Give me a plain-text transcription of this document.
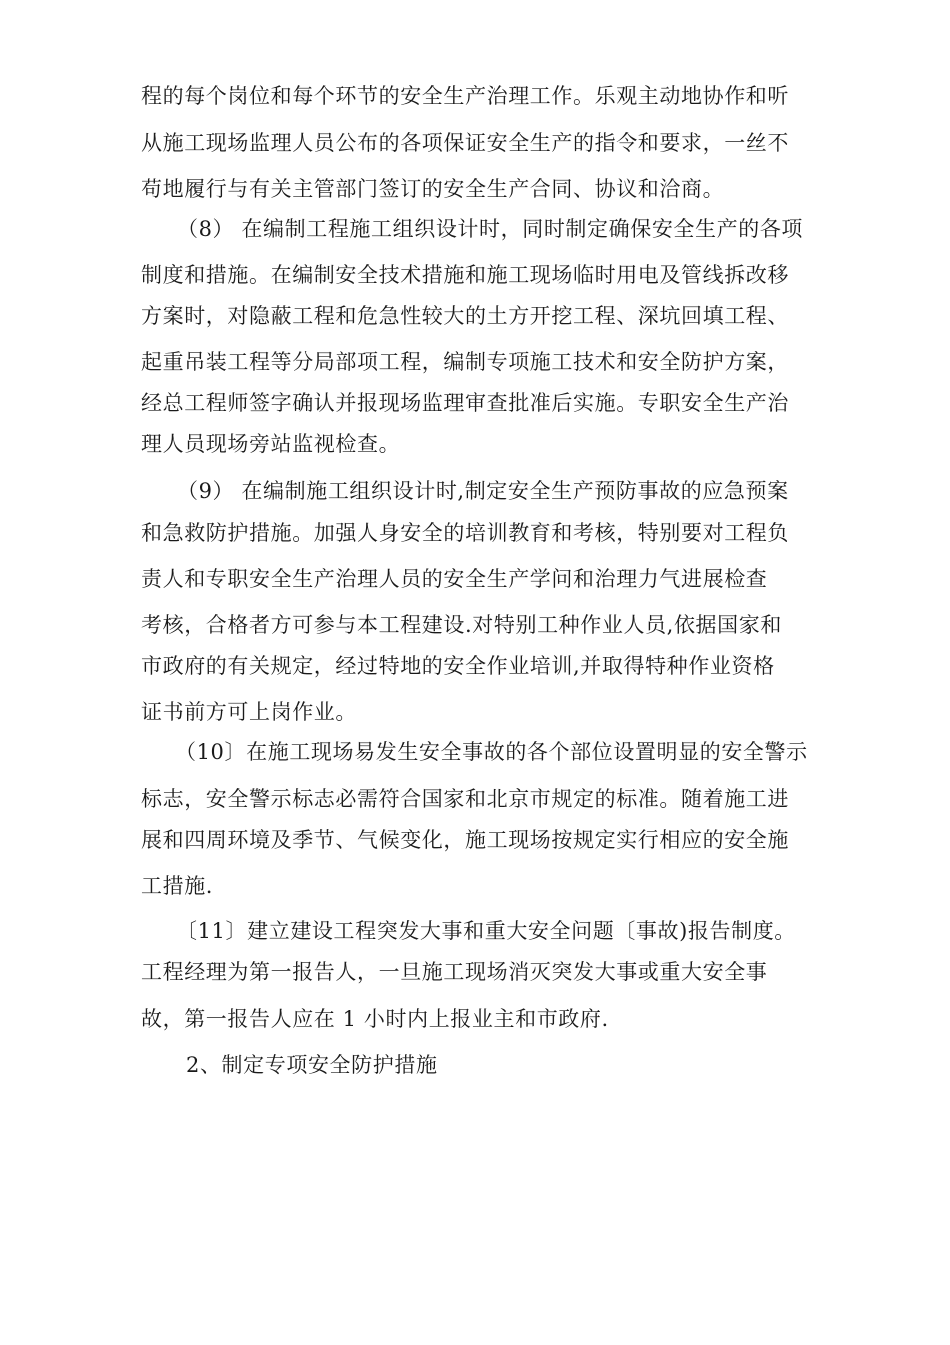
程的每个岗位和每个环节的安全生产治理工作。乐观主动地协作和听
从施工现场监理人员公布的各项保证安全生产的指令和要求，一丝不
苟地履行与有关主管部门签订的安全生产合同、协议和洽商。
（8） 在编制工程施工组织设计时，同时制定确保安全生产的各项
制度和措施。在编制安全技术措施和施工现场临时用电及管线拆改移
方案时，对隐蔽工程和危急性较大的土方开挖工程、深坑回填工程、
起重吊装工程等分局部项工程，编制专项施工技术和安全防护方案，
经总工程师签字确认并报现场监理审查批准后实施。专职安全生产治
理人员现场旁站监视检查。
（9） 在编制施工组织设计时,制定安全生产预防事故的应急预案
和急救防护措施。加强人身安全的培训教育和考核，特别要对工程负
责人和专职安全生产治理人员的安全生产学问和治理力气进展检查
考核，合格者方可参与本工程建设.对特别工种作业人员,依据国家和
市政府的有关规定，经过特地的安全作业培训,并取得特种作业资格
证书前方可上岗作业。
（10〕在施工现场易发生安全事故的各个部位设置明显的安全警示
标志，安全警示标志必需符合国家和北京市规定的标准。随着施工进
展和四周环境及季节、气候变化，施工现场按规定实行相应的安全施
工措施.
〔11〕建立建设工程突发大事和重大安全问题〔事故)报告制度。
工程经理为第一报告人，一旦施工现场消灭突发大事或重大安全事
故，第一报告人应在 1 小时内上报业主和市政府.
2、制定专项安全防护措施
